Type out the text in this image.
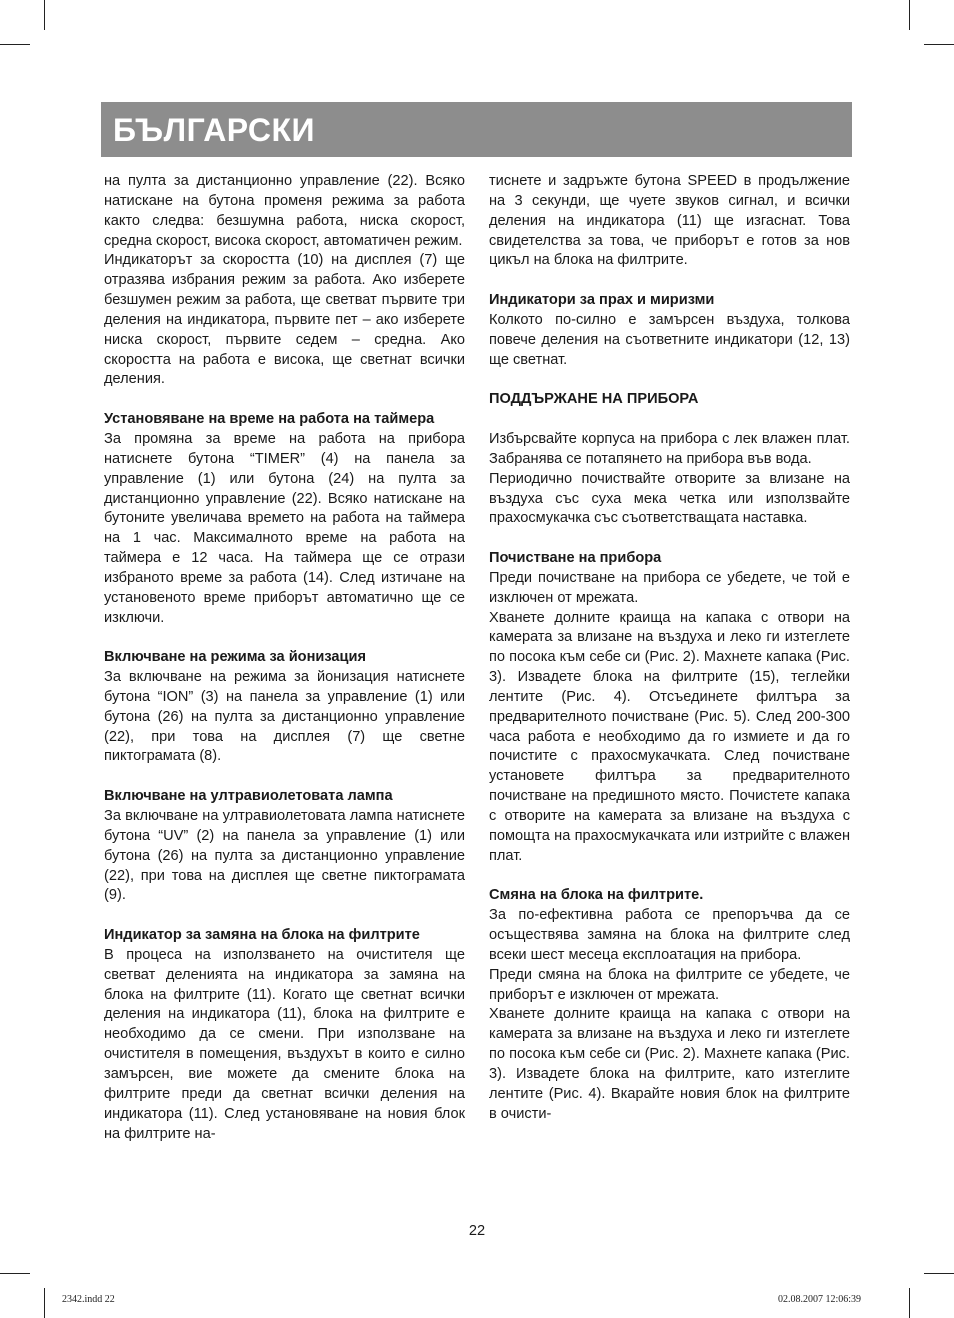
БЪЛГАРСКИ

на пулта за дистанционно управление (22). Всяко натискане на бутона променя режима за работа както следва: безшумна работа, ниска скорост, средна скорост, висока скорост, автоматичен режим.

Индикаторът за скоростта (10) на дисплея (7) ще отразява избрания режим за работа. Ако изберете безшумен режим за работа, ще светват първите три деления на индикатора, първите пет – ако изберете ниска скорост, първите седем – средна. Ако скоростта на работа е висока, ще светнат всички деления.

Установяване на време на работа на таймера

За промяна за време на работа на прибора натиснете бутона “TIMER” (4) на панела за управление (1) или бутона (24) на пулта за дистанционно управление (22). Всяко натискане на бутоните увеличава времето на работа на таймера на 1 час. Максималното време на работа на таймера е 12 часа. На таймера ще се отрази избраното време за работа (14). След изтичане на установеното време приборът автоматично ще се изключи.

Включване на режима за йонизация

За включване на режима за йонизация натиснете бутона “ION” (3) на панела за управление (1) или бутона (26) на пулта за дистанционно управление (22), при това на дисплея (7) ще светне пиктограмата (8).

Включване на ултравиолетовата лампа

За включване на ултравиолетовата лампа натиснете бутона “UV” (2) на панела за управление (1) или бутона (26) на пулта за дистанционно управление (22), при това на дисплея ще светне пиктограмата (9).

Индикатор за замяна на блока на филтрите

В процеса на използването на очистителя ще светват деленията на индикатора за замяна на блока на филтрите (11). Когато ще светнат всички деления на индикатора (11), блока на филтрите е необходимо да се смени. При използване на очистителя в помещения, въздухът в които е силно замърсен, вие можете да смените блока на филтрите преди да светнат всички деления на индикатора (11). След установяване на новия блок на филтрите на-

тиснете и задръжте бутона SPEED в продължение на 3 секунди, ще чуете звуков сигнал, и всички деления на индикатора (11) ще изгаснат. Това свидетелства за това, че приборът е готов за нов цикъл на блока на филтрите.

Индикатори за прах и миризми

Колкото по-силно е замърсен въздуха, толкова повече деления на съответните индикатори (12, 13) ще светнат.

ПОДДЪРЖАНЕ НА ПРИБОРА

Избърсвайте корпуса на прибора с лек влажен плат. Забранява се потапянето на прибора във вода.

Периодично почиствайте отворите за влизане на въздуха със суха мека четка или използвайте прахосмукачка със съответстващата наставка.

Почистване на прибора

Преди почистване на прибора се убедете, че той е изключен от мрежата.

Хванете долните краища на капака с отвори на камерата за влизане на въздуха и леко ги изтеглете по посока към себе си (Рис. 2). Махнете капака (Рис. 3). Извадете блока на филтрите (15), теглейки лентите (Рис. 4). Отсъединете филтъра за предварителното почистване (Рис. 5). След 200-300 часа работа е необходимо да го измиете и да го почистите с прахосмукачката. След почистване установете филтъра за предварителното почистване на предишното място. Почистете капака с отворите на камерата за влизане на въздуха с помощта на прахосмукачката или изтрийте с влажен плат.

Смяна на блока на филтрите.

За по-ефективна работа се препоръчва да се осъществява замяна на блока на филтрите след всеки шест месеца експлоатация на прибора.

Преди смяна на блока на филтрите се убедете, че приборът е изключен от мрежата.

Хванете долните краища на капака с отвори на камерата за влизане на въздуха и леко ги изтеглете по посока към себе си (Рис. 2). Махнете капака (Рис. 3). Извадете блока на филтрите, като изтеглите лентите (Рис. 4). Вкарайте новия блок на филтрите в очисти-

22
2342.indd 22	02.08.2007 12:06:39
